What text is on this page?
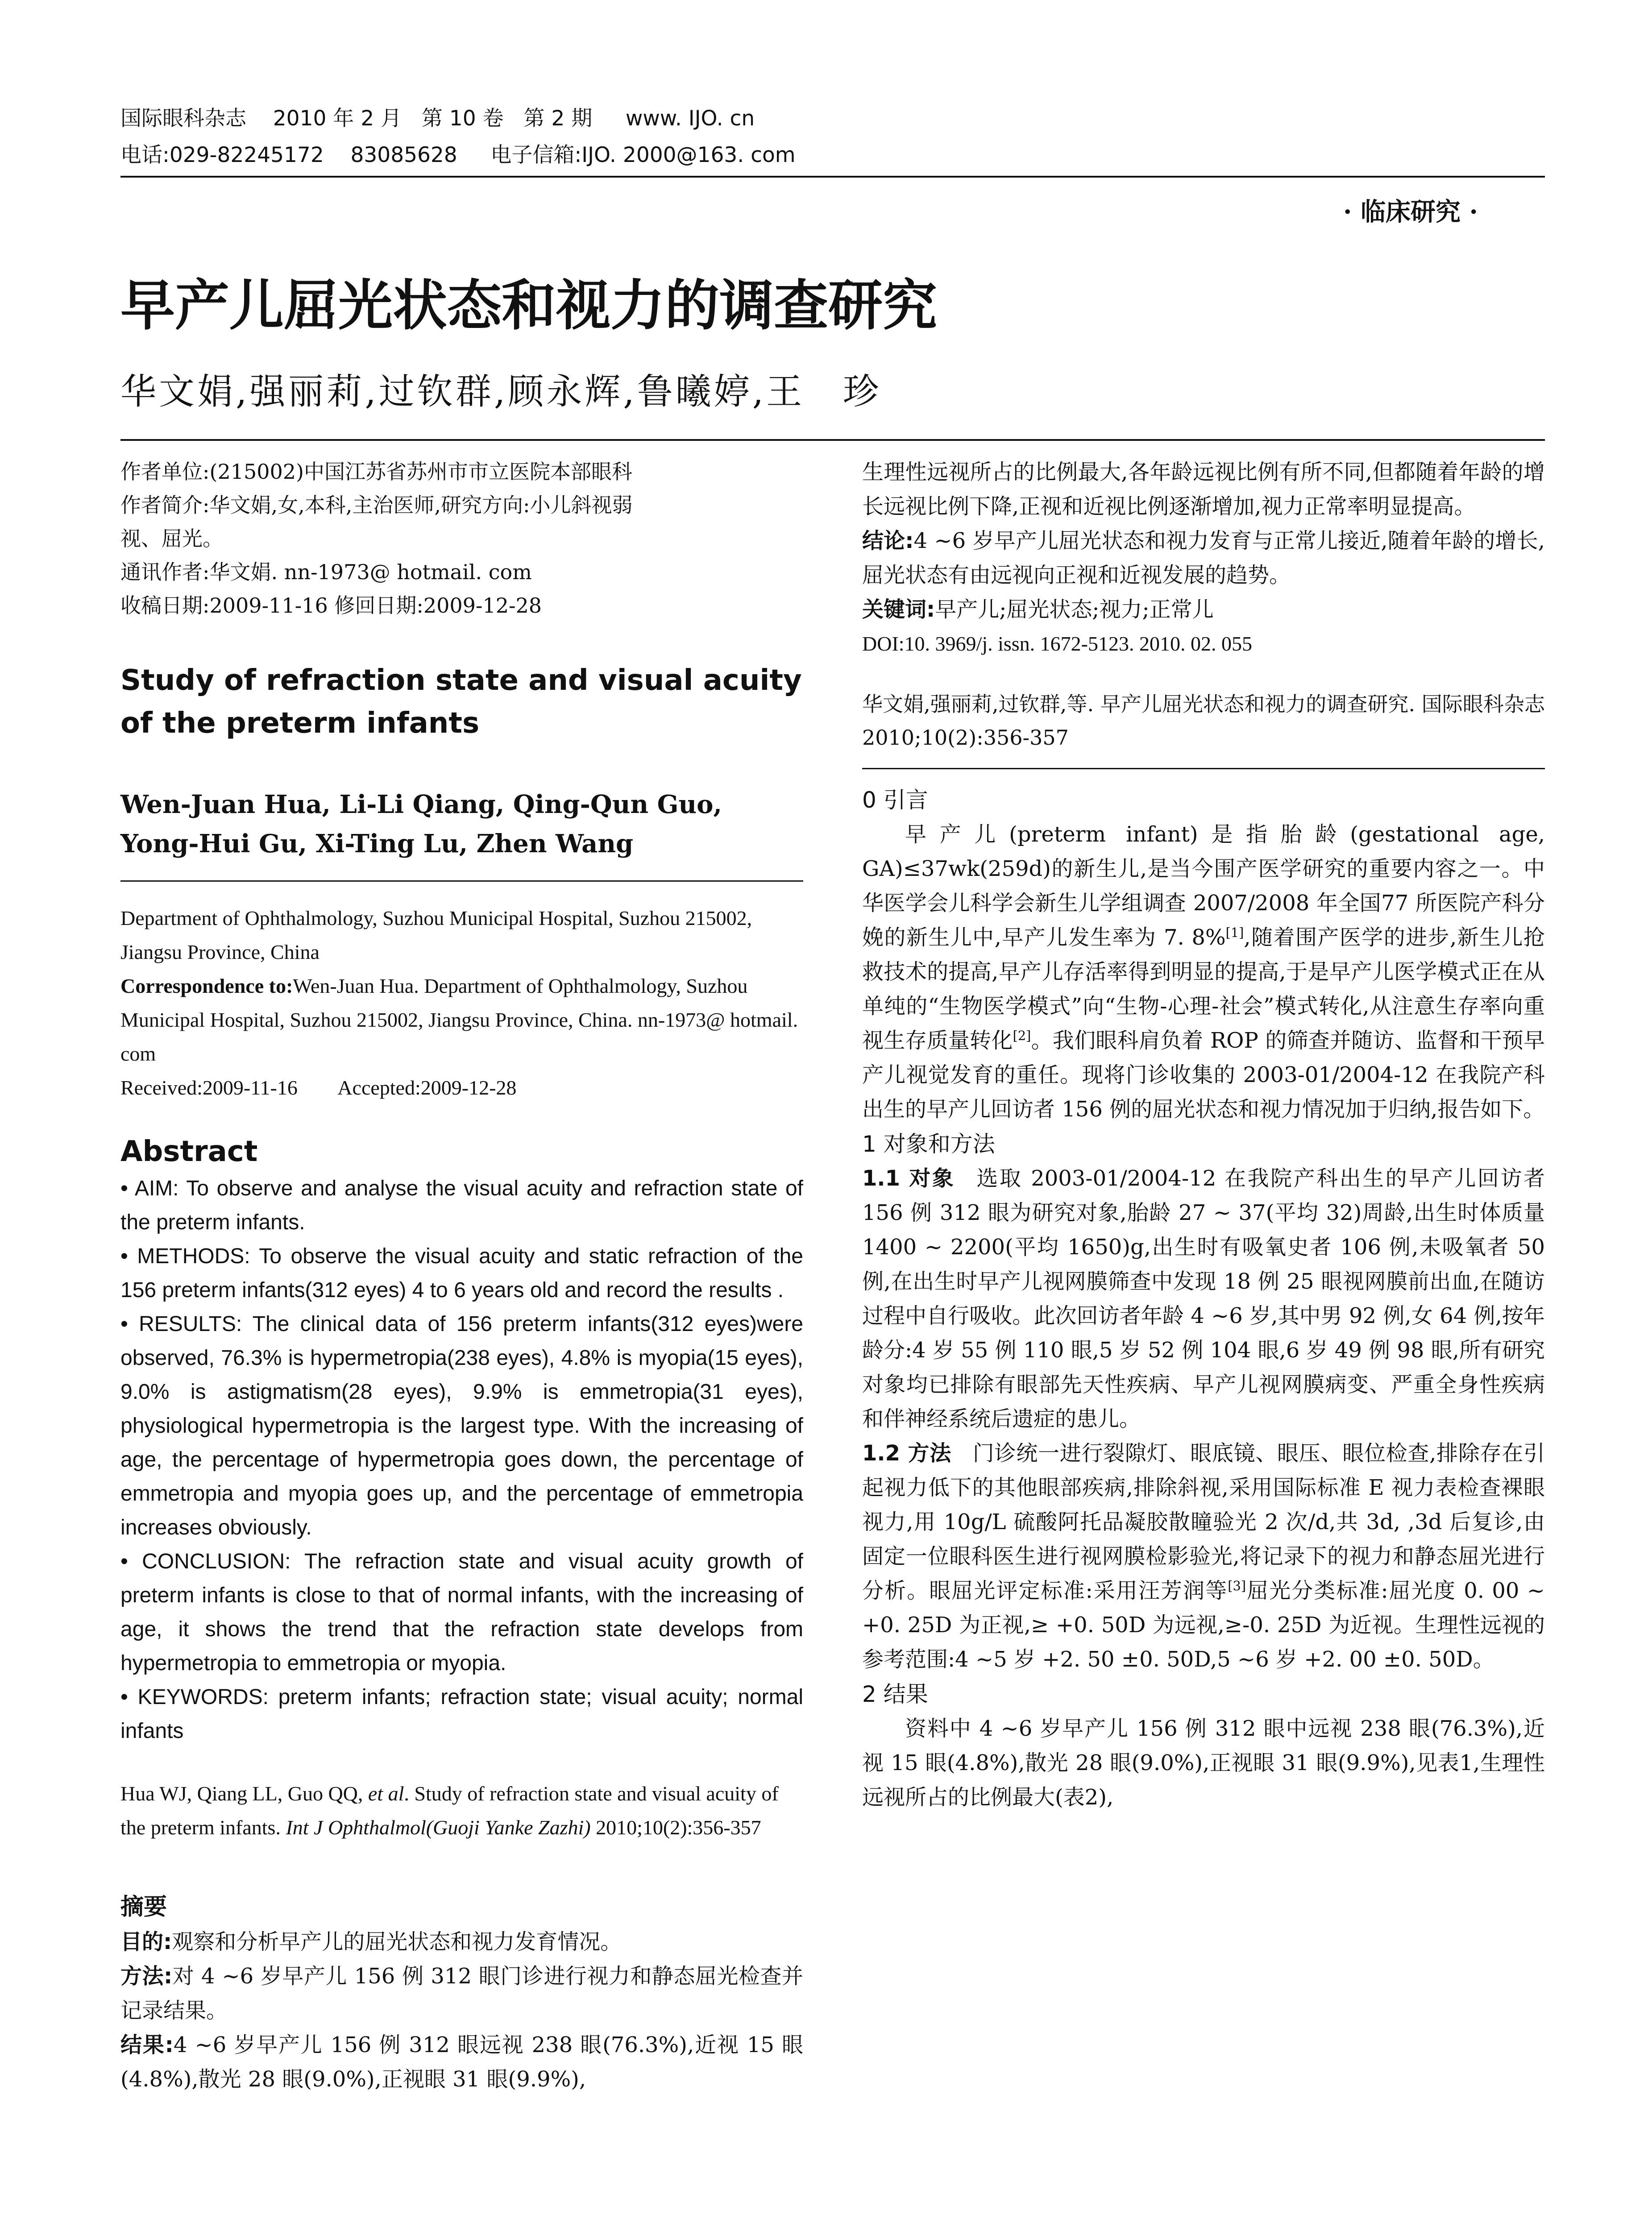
国际眼科杂志    2010 年 2 月   第 10 卷   第 2 期     www. IJO. cn
电话:029-82245172    83085628     电子信箱:IJO. 2000@163. com
· 临床研究 ·
早产儿屈光状态和视力的调查研究
华文娟,强丽莉,过钦群,顾永辉,鲁曦婷,王　珍
作者单位:(215002)中国江苏省苏州市市立医院本部眼科
作者简介:华文娟,女,本科,主治医师,研究方向:小儿斜视弱
视、屈光。
通讯作者:华文娟. nn-1973@ hotmail. com
收稿日期:2009-11-16 修回日期:2009-12-28
Study of refraction state and visual acuity of the preterm infants
Wen-Juan Hua, Li-Li Qiang, Qing-Qun Guo, Yong-Hui Gu, Xi-Ting Lu, Zhen Wang
Department of Ophthalmology, Suzhou Municipal Hospital, Suzhou 215002, Jiangsu Province, China
Correspondence to:Wen-Juan Hua. Department of Ophthalmology, Suzhou Municipal Hospital, Suzhou 215002, Jiangsu Province, China. nn-1973@ hotmail. com
Received:2009-11-16        Accepted:2009-12-28
Abstract
• AIM: To observe and analyse the visual acuity and refraction state of the preterm infants.
• METHODS: To observe the visual acuity and static refraction of the 156 preterm infants(312 eyes) 4 to 6 years old and record the results .
• RESULTS: The clinical data of 156 preterm infants(312 eyes)were observed, 76.3% is hypermetropia(238 eyes), 4.8% is myopia(15 eyes), 9.0% is astigmatism(28 eyes), 9.9% is emmetropia(31 eyes), physiological hypermetropia is the largest type. With the increasing of age, the percentage of hypermetropia goes down, the percentage of emmetropia and myopia goes up, and the percentage of emmetropia increases obviously.
• CONCLUSION: The refraction state and visual acuity growth of preterm infants is close to that of normal infants, with the increasing of age, it shows the trend that the refraction state develops from hypermetropia to emmetropia or myopia.
• KEYWORDS: preterm infants; refraction state; visual acuity; normal infants
Hua WJ, Qiang LL, Guo QQ, et al. Study of refraction state and visual acuity of the preterm infants. Int J Ophthalmol(Guoji Yanke Zazhi) 2010;10(2):356-357
摘要
目的:观察和分析早产儿的屈光状态和视力发育情况。
方法:对 4 ~6 岁早产儿 156 例 312 眼门诊进行视力和静态屈光检查并记录结果。
结果:4 ~6 岁早产儿 156 例 312 眼远视 238 眼(76.3%),近视 15 眼(4.8%),散光 28 眼(9.0%),正视眼 31 眼(9.9%),
生理性远视所占的比例最大,各年龄远视比例有所不同,但都随着年龄的增长远视比例下降,正视和近视比例逐渐增加,视力正常率明显提高。
结论:4 ~6 岁早产儿屈光状态和视力发育与正常儿接近,随着年龄的增长,屈光状态有由远视向正视和近视发展的趋势。
关键词:早产儿;屈光状态;视力;正常儿
DOI:10. 3969/j. issn. 1672-5123. 2010. 02. 055
华文娟,强丽莉,过钦群,等. 早产儿屈光状态和视力的调查研究. 国际眼科杂志 2010;10(2):356-357
0 引言
早产儿(preterm infant)是指胎龄(gestational age, GA)≤37wk(259d)的新生儿,是当今围产医学研究的重要内容之一。中华医学会儿科学会新生儿学组调查 2007/2008 年全国77 所医院产科分娩的新生儿中,早产儿发生率为 7. 8%[1],随着围产医学的进步,新生儿抢救技术的提高,早产儿存活率得到明显的提高,于是早产儿医学模式正在从单纯的“生物医学模式”向“生物-心理-社会”模式转化,从注意生存率向重视生存质量转化[2]。我们眼科肩负着 ROP 的筛查并随访、监督和干预早产儿视觉发育的重任。现将门诊收集的 2003-01/2004-12 在我院产科出生的早产儿回访者 156 例的屈光状态和视力情况加于归纳,报告如下。
1 对象和方法
1.1 对象 选取 2003-01/2004-12 在我院产科出生的早产儿回访者 156 例 312 眼为研究对象,胎龄 27 ~ 37(平均 32)周龄,出生时体质量 1400 ~ 2200(平均 1650)g,出生时有吸氧史者 106 例,未吸氧者 50 例,在出生时早产儿视网膜筛查中发现 18 例 25 眼视网膜前出血,在随访过程中自行吸收。此次回访者年龄 4 ~6 岁,其中男 92 例,女 64 例,按年龄分:4 岁 55 例 110 眼,5 岁 52 例 104 眼,6 岁 49 例 98 眼,所有研究对象均已排除有眼部先天性疾病、早产儿视网膜病变、严重全身性疾病和伴神经系统后遗症的患儿。
1.2 方法 门诊统一进行裂隙灯、眼底镜、眼压、眼位检查,排除存在引起视力低下的其他眼部疾病,排除斜视,采用国际标准 E 视力表检查裸眼视力,用 10g/L 硫酸阿托品凝胶散瞳验光 2 次/d,共 3d, ,3d 后复诊,由固定一位眼科医生进行视网膜检影验光,将记录下的视力和静态屈光进行分析。眼屈光评定标准:采用汪芳润等[3]屈光分类标准:屈光度 0. 00 ~ +0. 25D 为正视,≥ +0. 50D 为远视,≥-0. 25D 为近视。生理性远视的参考范围:4 ~5 岁 +2. 50 ±0. 50D,5 ~6 岁 +2. 00 ±0. 50D。
2 结果
资料中 4 ~6 岁早产儿 156 例 312 眼中远视 238 眼(76.3%),近视 15 眼(4.8%),散光 28 眼(9.0%),正视眼 31 眼(9.9%),见表1,生理性远视所占的比例最大(表2),
